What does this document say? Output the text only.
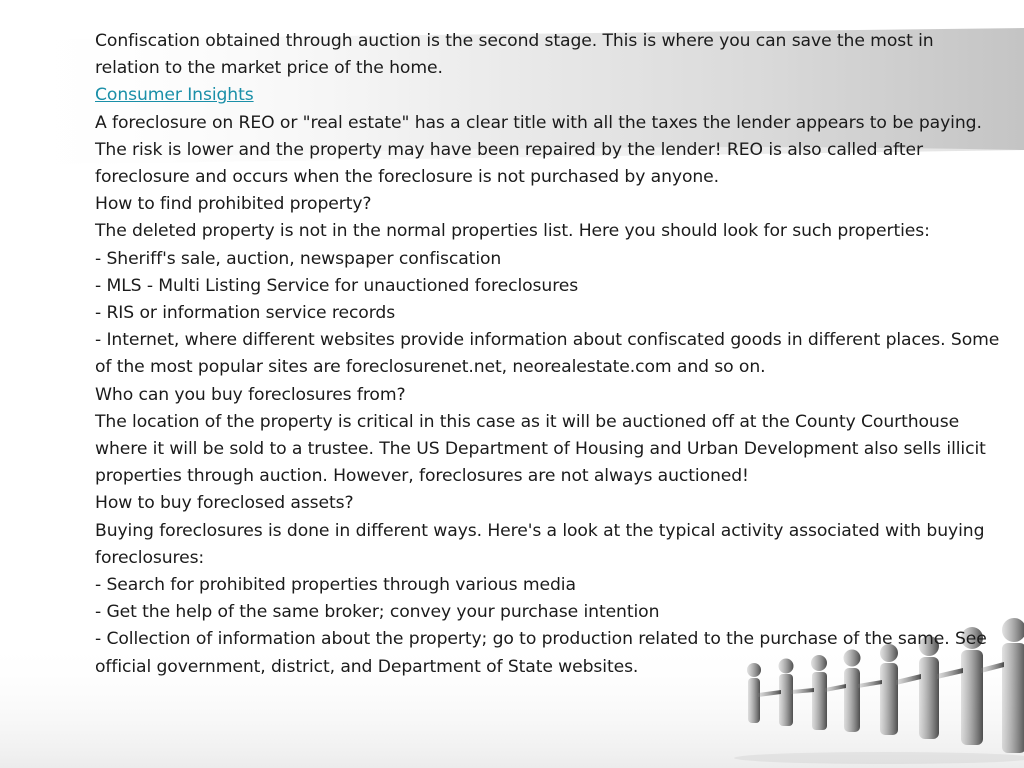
Confiscation obtained through auction is the second stage. This is where you can save the most in relation to the market price of the home.

Consumer Insights

A foreclosure on REO or "real estate" has a clear title with all the taxes the lender appears to be paying. The risk is lower and the property may have been repaired by the lender! REO is also called after foreclosure and occurs when the foreclosure is not purchased by anyone.

How to find prohibited property?

The deleted property is not in the normal properties list. Here you should look for such properties:

- Sheriff's sale, auction, newspaper confiscation

- MLS - Multi Listing Service for unauctioned foreclosures

- RIS or information service records

- Internet, where different websites provide information about confiscated goods in different places. Some of the most popular sites are foreclosurenet.net, neorealestate.com and so on.

Who can you buy foreclosures from?

The location of the property is critical in this case as it will be auctioned off at the County Courthouse where it will be sold to a trustee. The US Department of Housing and Urban Development also sells illicit properties through auction. However, foreclosures are not always auctioned!

How to buy foreclosed assets?

Buying foreclosures is done in different ways. Here's a look at the typical activity associated with buying foreclosures:

- Search for prohibited properties through various media

- Get the help of the same broker; convey your purchase intention

- Collection of information about the property; go to production related to the purchase of the same. See official government, district, and Department of State websites.
